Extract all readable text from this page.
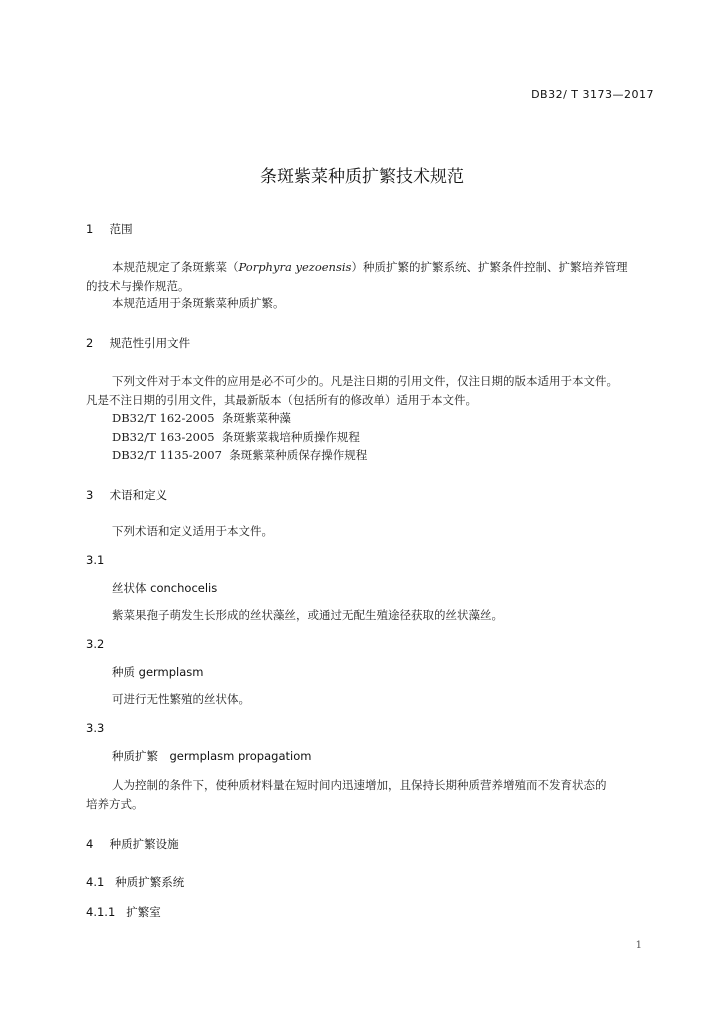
DB32/ T 3173—2017
条斑紫菜种质扩繁技术规范
1 范围
本规范规定了条斑紫菜（Porphyra yezoensis）种质扩繁的扩繁系统、扩繁条件控制、扩繁培养管理
的技术与操作规范。
本规范适用于条斑紫菜种质扩繁。
2 规范性引用文件
下列文件对于本文件的应用是必不可少的。凡是注日期的引用文件，仅注日期的版本适用于本文件。
凡是不注日期的引用文件，其最新版本（包括所有的修改单）适用于本文件。
DB32/T 162-2005 条斑紫菜种藻
DB32/T 163-2005 条斑紫菜栽培种质操作规程
DB32/T 1135-2007 条斑紫菜种质保存操作规程
3 术语和定义
下列术语和定义适用于本文件。
3.1
丝状体 conchocelis
紫菜果孢子萌发生长形成的丝状藻丝，或通过无配生殖途径获取的丝状藻丝。
3.2
种质 germplasm
可进行无性繁殖的丝状体。
3.3
种质扩繁　germplasm propagatiom
人为控制的条件下，使种质材料量在短时间内迅速增加，且保持长期种质营养增殖而不发育状态的
培养方式。
4 种质扩繁设施
4.1 种质扩繁系统
4.1.1 扩繁室
1
